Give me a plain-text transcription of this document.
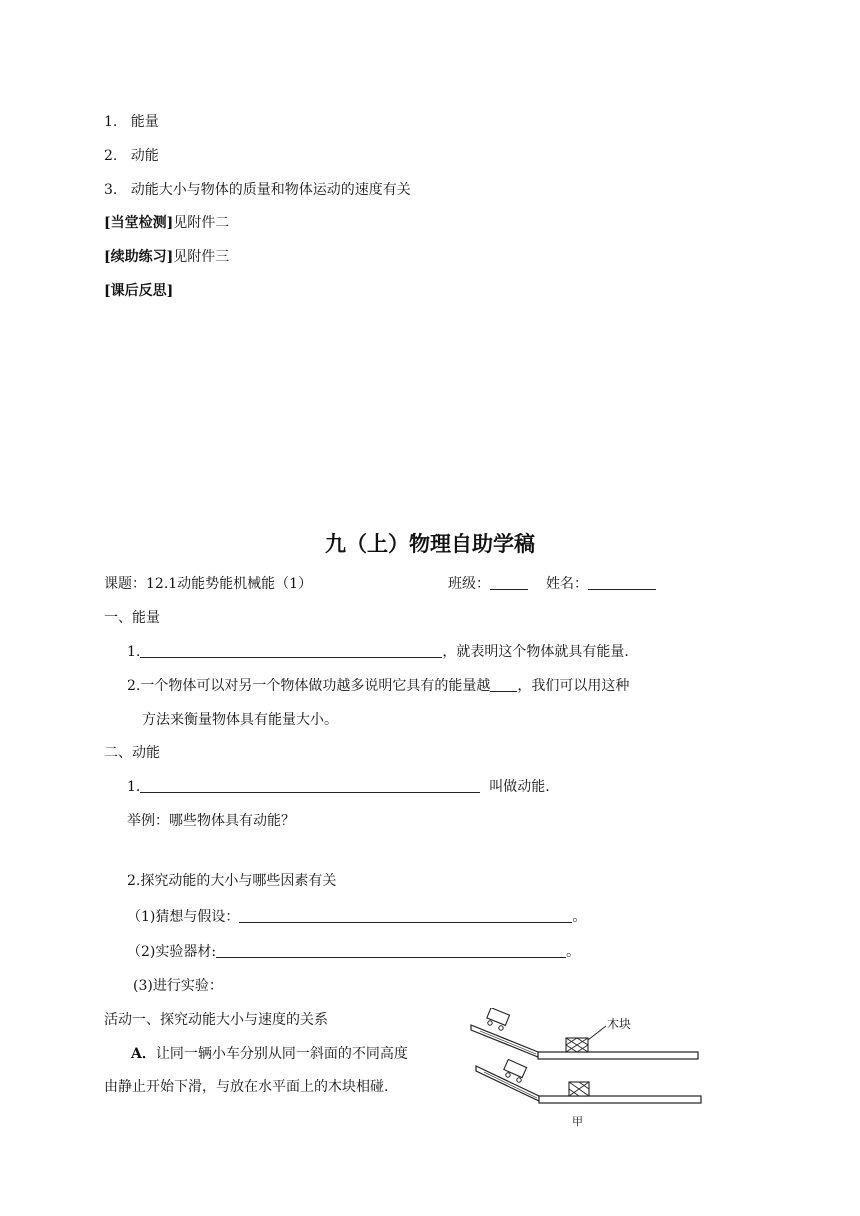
1. 能量
2. 动能
3. 动能大小与物体的质量和物体运动的速度有关
[当堂检测]见附件二
[续助练习]见附件三
[课后反思]
九（上）物理自助学稿
课题：12.1动能势能机械能（1）	班级：	姓名：
一、能量
1.	，就表明这个物体就具有能量.
2.一个物体可以对另一个物体做功越多说明它具有的能量越 ，我们可以用这种
方法来衡量物体具有能量大小。
二、动能
1.	叫做动能.
举例：哪些物体具有动能？
2.探究动能的大小与哪些因素有关
（1)猜想与假设：	。
（2)实验器材:	。
(3)进行实验：
活动一、探究动能大小与速度的关系
A．让同一辆小车分别从同一斜面的不同高度
由静止开始下滑，与放在水平面上的木块相碰.
木块
甲
